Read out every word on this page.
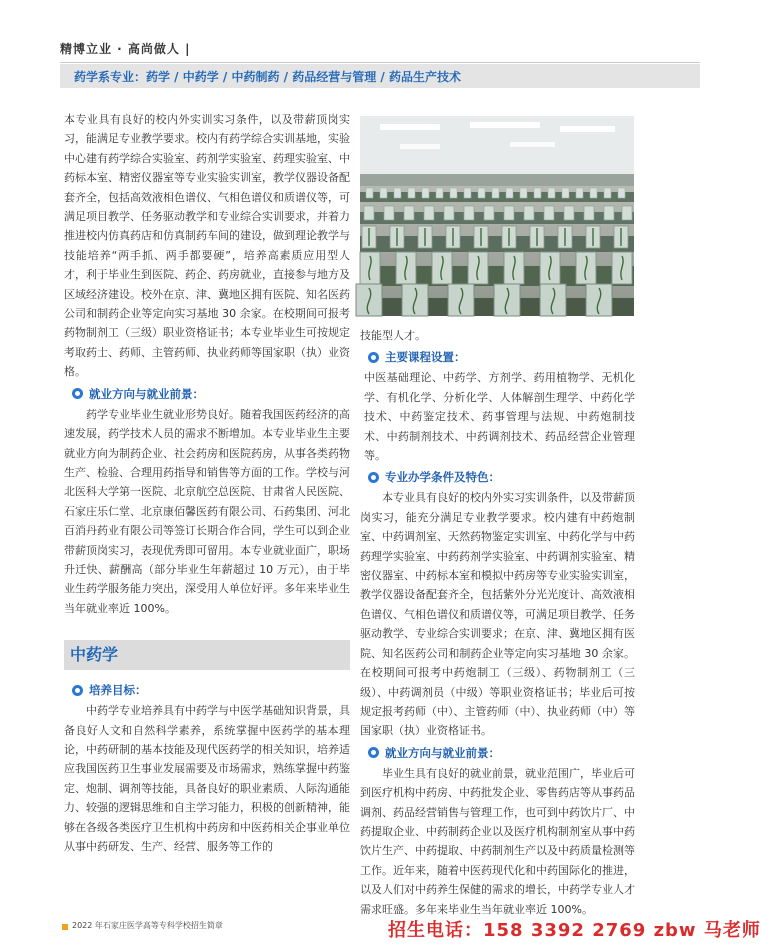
精博立业 · 高尚做人 |
药学系专业：药学 / 中药学 / 中药制药 / 药品经营与管理 / 药品生产技术

本专业具有良好的校内外实训实习条件，以及带薪顶岗实习，能满足专业教学要求。校内有药学综合实训基地，实验中心建有药学综合实验室、药剂学实验室、药理实验室、中药标本室、精密仪器室等专业实验实训室，教学仪器设备配套齐全，包括高效液相色谱仪、气相色谱仪和质谱仪等，可满足项目教学、任务驱动教学和专业综合实训要求，并着力推进校内仿真药店和仿真制药车间的建设，做到理论教学与技能培养“两手抓、两手都要硬”，培养高素质应用型人才，利于毕业生到医院、药企、药房就业，直接参与地方及区域经济建设。校外在京、津、冀地区拥有医院、知名医药公司和制药企业等定向实习基地 30 余家。在校期间可报考药物制剂工（三级）职业资格证书；本专业毕业生可按规定考取药士、药师、主管药师、执业药师等国家职（执）业资格。

就业方向与就业前景：

药学专业毕业生就业形势良好。随着我国医药经济的高速发展，药学技术人员的需求不断增加。本专业毕业生主要就业方向为制药企业、社会药房和医院药房，从事各类药物生产、检验、合理用药指导和销售等方面的工作。学校与河北医科大学第一医院、北京航空总医院、甘肃省人民医院、石家庄乐仁堂、北京康佰馨医药有限公司、石药集团、河北百消丹药业有限公司等签订长期合作合同，学生可以到企业带薪顶岗实习，表现优秀即可留用。本专业就业面广，职场升迁快、薪酬高（部分毕业生年薪超过 10 万元），由于毕业生药学服务能力突出，深受用人单位好评。多年来毕业生当年就业率近 100%。

中药学
培养目标：

中药学专业培养具有中药学与中医学基础知识背景，具备良好人文和自然科学素养，系统掌握中医药学的基本理论，中药研制的基本技能及现代医药学的相关知识，培养适应我国医药卫生事业发展需要及市场需求，熟练掌握中药鉴定、炮制、调剂等技能，具备良好的职业素质、人际沟通能力、较强的逻辑思维和自主学习能力，积极的创新精神，能够在各级各类医疗卫生机构中药房和中医药相关企事业单位从事中药研发、生产、经营、服务等工作的

技能型人才。

主要课程设置：

中医基础理论、中药学、方剂学、药用植物学、无机化学、有机化学、分析化学、人体解剖生理学、中药化学技术、中药鉴定技术、药事管理与法规、中药炮制技术、中药制剂技术、中药调剂技术、药品经营企业管理等。

专业办学条件及特色：

本专业具有良好的校内外实习实训条件，以及带薪顶岗实习，能充分满足专业教学要求。校内建有中药炮制室、中药调剂室、天然药物鉴定实训室、中药化学与中药药理学实验室、中药药剂学实验室、中药调剂实验室、精密仪器室、中药标本室和模拟中药房等专业实验实训室，教学仪器设备配套齐全，包括紫外分光光度计、高效液相色谱仪、气相色谱仪和质谱仪等，可满足项目教学、任务驱动教学、专业综合实训要求；在京、津、冀地区拥有医院、知名医药公司和制药企业等定向实习基地 30 余家。在校期间可报考中药炮制工（三级）、药物制剂工（三级）、中药调剂员（中级）等职业资格证书；毕业后可按规定报考药师（中）、主管药师（中）、执业药师（中）等国家职（执）业资格证书。

就业方向与就业前景：

毕业生具有良好的就业前景，就业范围广，毕业后可到医疗机构中药房、中药批发企业、零售药店等从事药品调剂、药品经营销售与管理工作，也可到中药饮片厂、中药提取企业、中药制药企业以及医疗机构制剂室从事中药饮片生产、中药提取、中药制剂生产以及中药质量检测等工作。近年来，随着中医药现代化和中药国际化的推进，以及人们对中药养生保健的需求的增长，中药学专业人才需求旺盛。多年来毕业生当年就业率近 100%。

2022 年石家庄医学高等专科学校招生简章	招生电话：158 3392 2769 zbw 马老师
